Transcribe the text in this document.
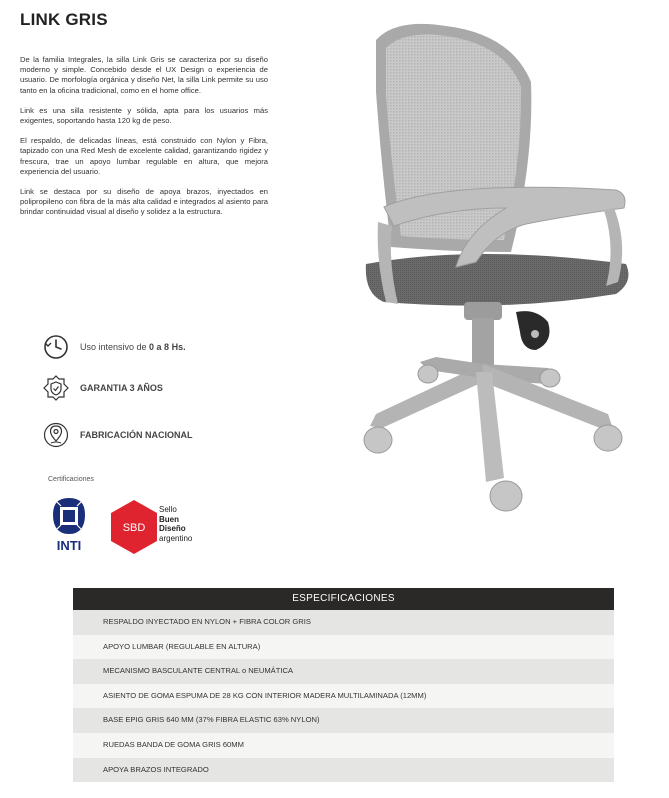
LINK GRIS

De la familia Integrales, la silla Link Gris se caracteriza por su diseño moderno y simple. Concebido desde el UX Design o experiencia de usuario. De morfología orgánica y diseño Net, la silla Link permite su uso tanto en la oficina tradicional, como en el home office.

Link es una silla resistente y sólida, apta para los usuarios más exigentes, soportando hasta 120 kg de peso.

El respaldo, de delicadas líneas, está construido con Nylon y Fibra, tapizado con una Red Mesh de excelente calidad, garantizando rigidez y frescura, trae un apoyo lumbar regulable en altura, que mejora experiencia del usuario.

Link se destaca por su diseño de apoya brazos, inyectados en polipropileno con fibra de la más alta calidad e integrados al asiento para brindar continuidad visual al diseño y solidez a la estructura.

Uso intensivo de 0 a 8 Hs.
GARANTIA 3 AÑOS
FABRICACIÓN NACIONAL
Certificaciones
INTI
SBD
Sello
Buen
Diseño
argentino
ESPECIFICACIONES
RESPALDO INYECTADO EN NYLON + FIBRA COLOR GRIS
APOYO LUMBAR (REGULABLE EN ALTURA)
MECANISMO BASCULANTE CENTRAL o NEUMÁTICA
ASIENTO DE GOMA ESPUMA DE 28 KG CON INTERIOR MADERA MULTILAMINADA (12MM)
BASE EPIG GRIS 640 MM (37% FIBRA ELASTIC 63% NYLON)
RUEDAS BANDA DE GOMA GRIS 60MM
APOYA BRAZOS INTEGRADO
